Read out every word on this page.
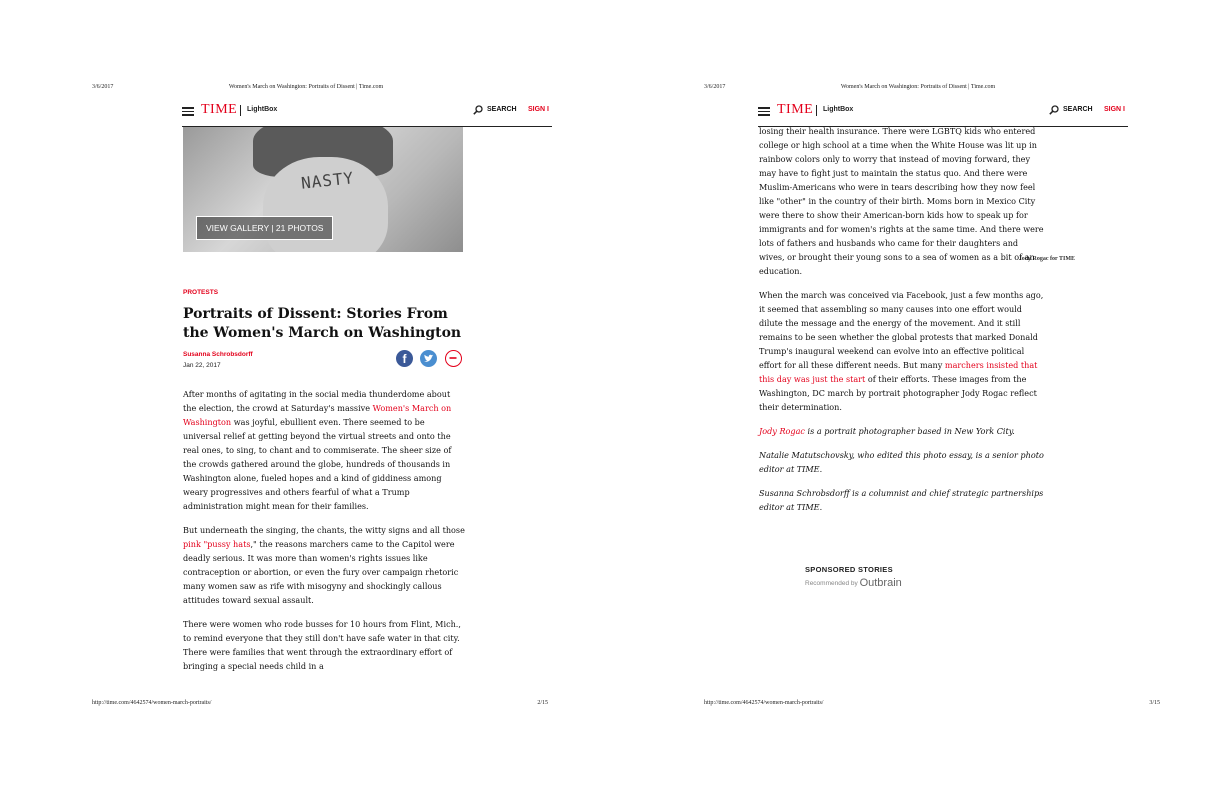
3/6/2017	Women's March on Washington: Portraits of Dissent | Time.com
http://time.com/4642574/women-march-portraits/	2/15
TIME LightBox	SEARCH SIGN I
NASTY
VIEW GALLERY | 21 PHOTOS
Jody Rogac for TIME
PROTESTS
Portraits of Dissent: Stories From the Women's March on Washington
Susanna Schrobsdorff
Jan 22, 2017	f

After months of agitating in the social media thunderdome about the election, the crowd at Saturday's massive Women's March on Washington was joyful, ebullient even. There seemed to be universal relief at getting beyond the virtual streets and onto the real ones, to sing, to chant and to commiserate. The sheer size of the crowds gathered around the globe, hundreds of thousands in Washington alone, fueled hopes and a kind of giddiness among weary progressives and others fearful of what a Trump administration might mean for their families.

But underneath the singing, the chants, the witty signs and all those pink "pussy hats," the reasons marchers came to the Capitol were deadly serious. It was more than women's rights issues like contraception or abortion, or even the fury over campaign rhetoric many women saw as rife with misogyny and shockingly callous attitudes toward sexual assault.

There were women who rode busses for 10 hours from Flint, Mich., to remind everyone that they still don't have safe water in that city. There were families that went through the extraordinary effort of bringing a special needs child in a

3/6/2017	Women's March on Washington: Portraits of Dissent | Time.com
http://time.com/4642574/women-march-portraits/	3/15
TIME LightBox	SEARCH SIGN I

losing their health insurance. There were LGBTQ kids who entered college or high school at a time when the White House was lit up in rainbow colors only to worry that instead of moving forward, they may have to fight just to maintain the status quo. And there were Muslim-Americans who were in tears describing how they now feel like "other" in the country of their birth. Moms born in Mexico City were there to show their American-born kids how to speak up for immigrants and for women's rights at the same time. And there were lots of fathers and husbands who came for their daughters and wives, or brought their young sons to a sea of women as a bit of an education.

When the march was conceived via Facebook, just a few months ago, it seemed that assembling so many causes into one effort would dilute the message and the energy of the movement. And it still remains to be seen whether the global protests that marked Donald Trump's inaugural weekend can evolve into an effective political effort for all these different needs. But many marchers insisted that this day was just the start of their efforts. These images from the Washington, DC march by portrait photographer Jody Rogac reflect their determination.

Jody Rogac is a portrait photographer based in New York City.

Natalie Matutschovsky, who edited this photo essay, is a senior photo editor at TIME.

Susanna Schrobsdorff is a columnist and chief strategic partnerships editor at TIME.

SPONSORED STORIES
Recommended by Outbrain
